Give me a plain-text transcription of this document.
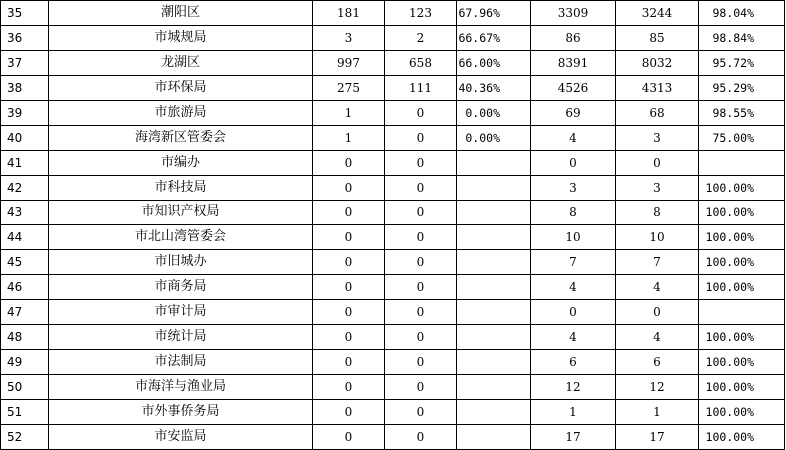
35	潮阳区	181	123	67.96%	3309	3244	98.04%
36	市城规局	3	2	66.67%	86	85	98.84%
37	龙湖区	997	658	66.00%	8391	8032	95.72%
38	市环保局	275	111	40.36%	4526	4313	95.29%
39	市旅游局	1	0	0.00%	69	68	98.55%
40	海湾新区管委会	1	0	0.00%	4	3	75.00%
41	市编办	0	0		0	0	
42	市科技局	0	0		3	3	100.00%
43	市知识产权局	0	0		8	8	100.00%
44	市北山湾管委会	0	0		10	10	100.00%
45	市旧城办	0	0		7	7	100.00%
46	市商务局	0	0		4	4	100.00%
47	市审计局	0	0		0	0	
48	市统计局	0	0		4	4	100.00%
49	市法制局	0	0		6	6	100.00%
50	市海洋与渔业局	0	0		12	12	100.00%
51	市外事侨务局	0	0		1	1	100.00%
52	市安监局	0	0		17	17	100.00%
